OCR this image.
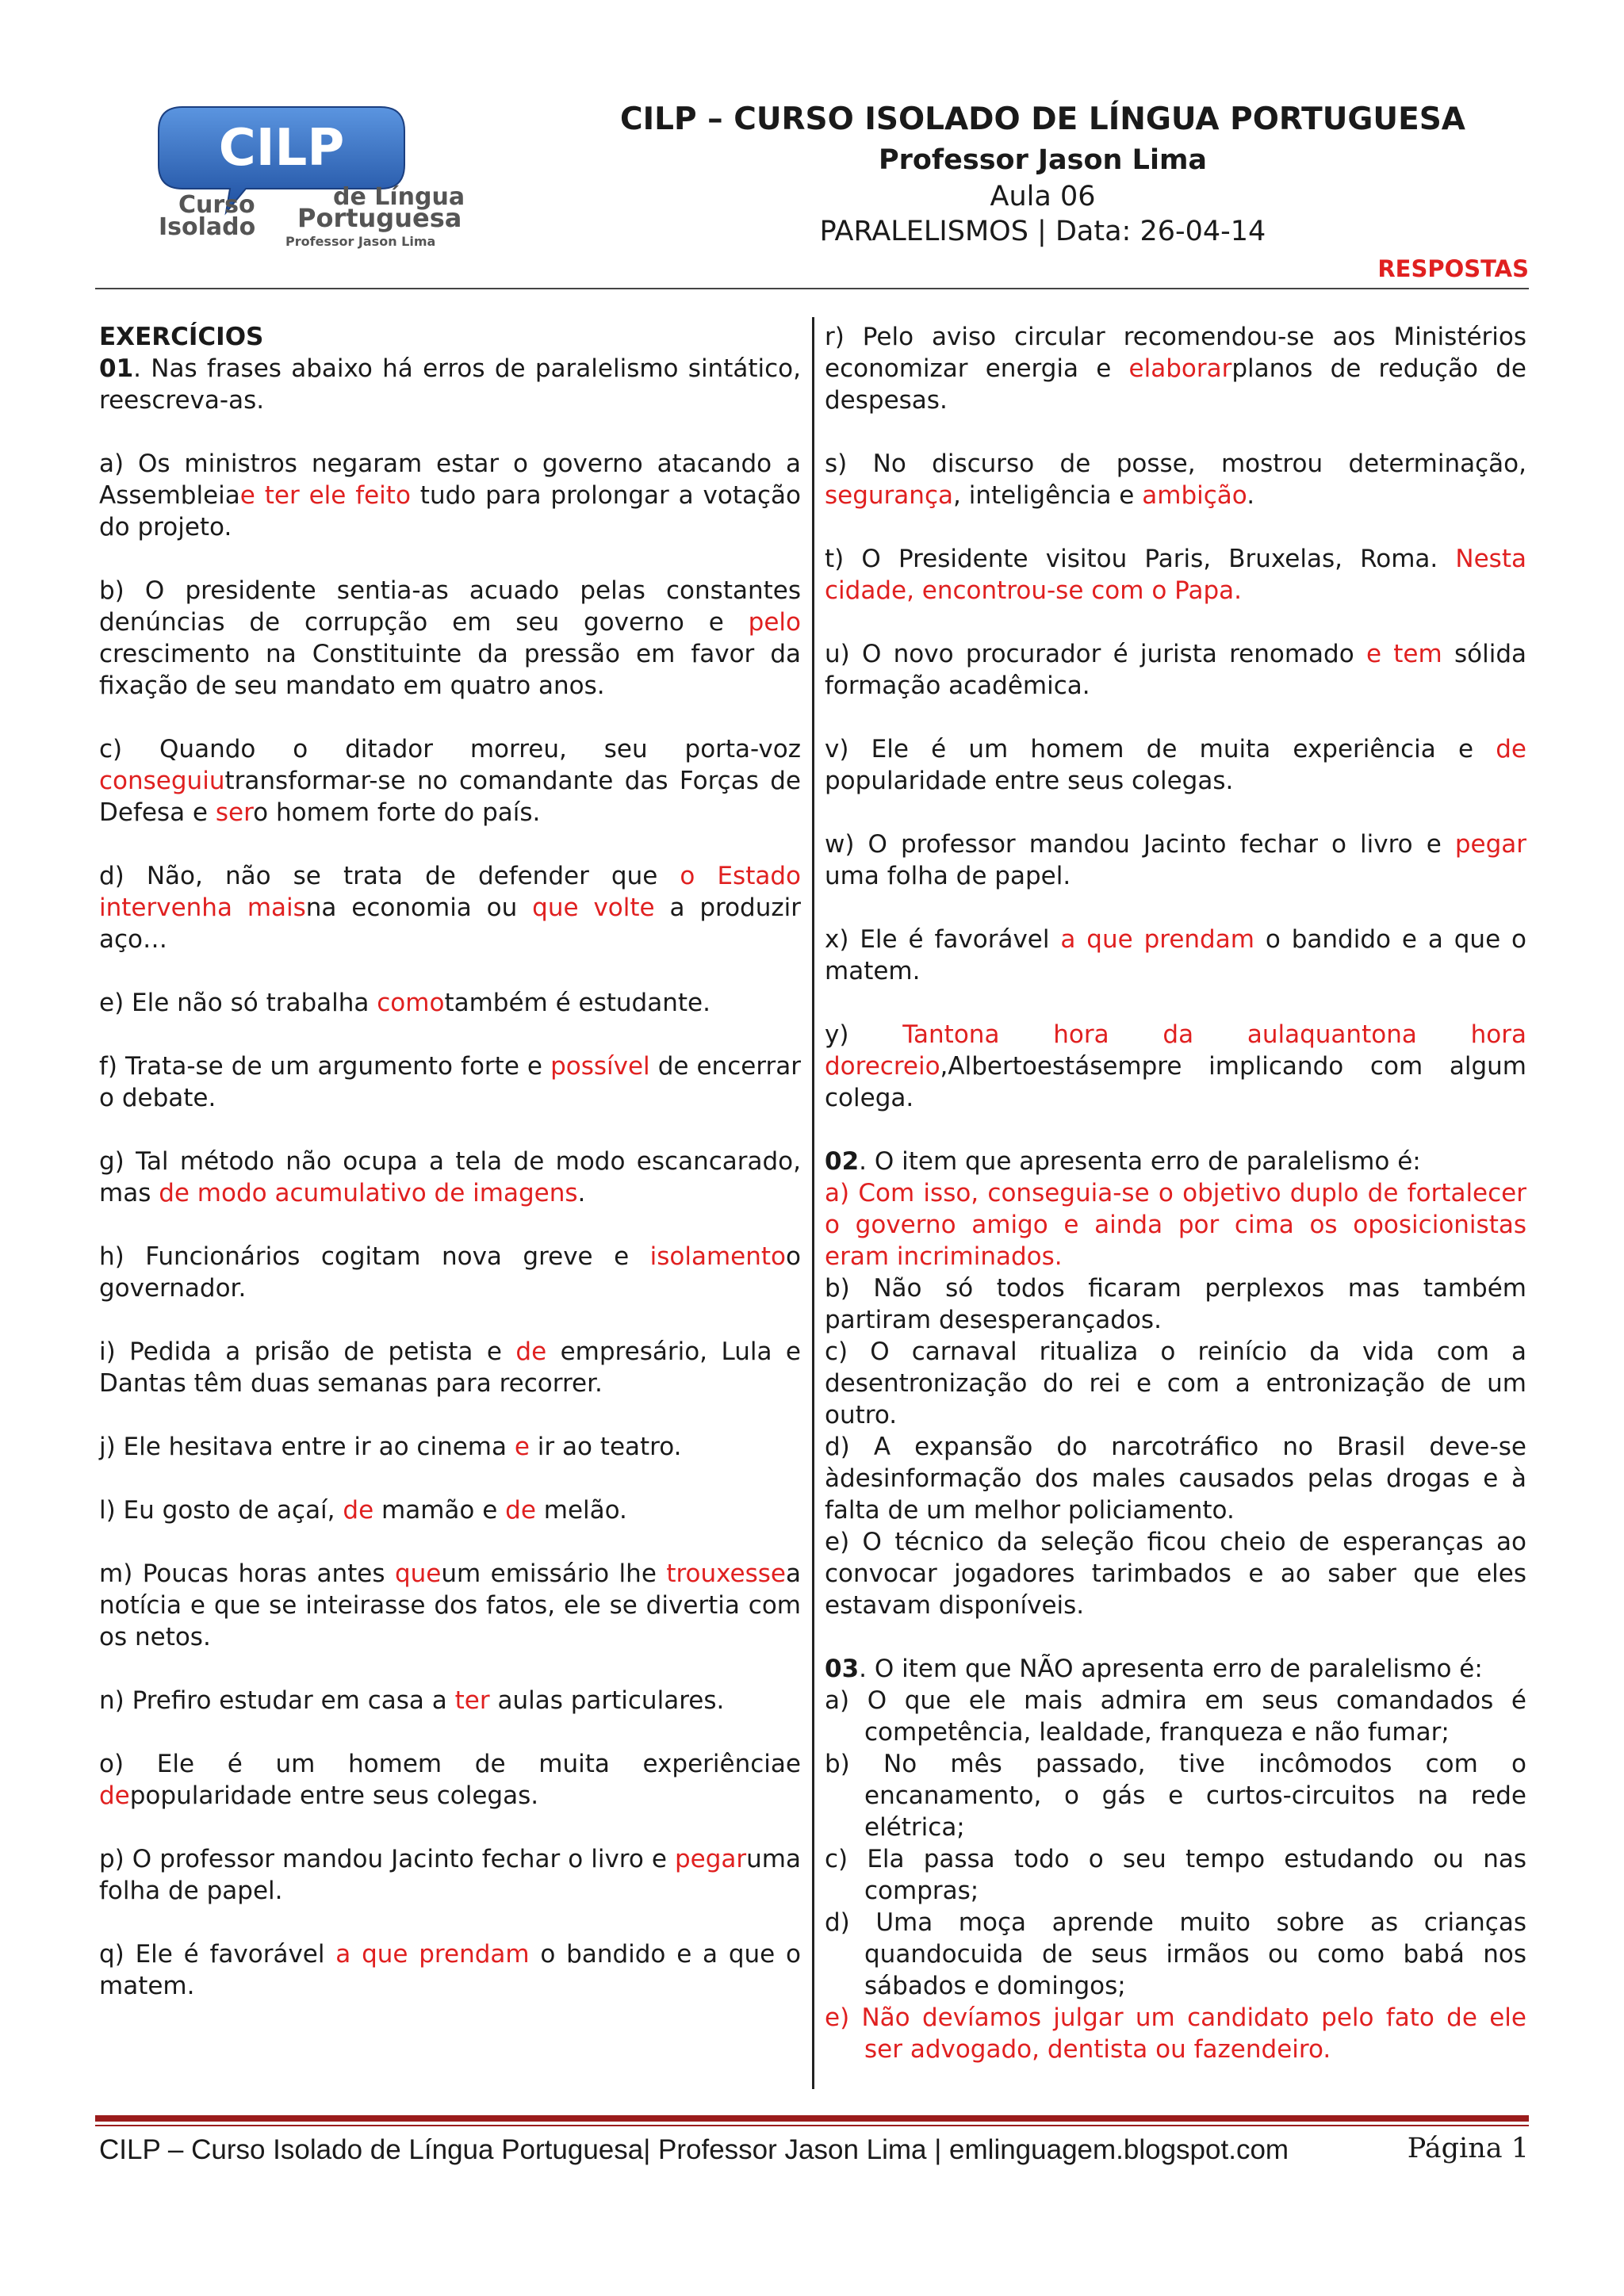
CILP
Curso
Isolado
de Língua
Portuguesa
Professor Jason Lima
CILP – CURSO ISOLADO DE LÍNGUA PORTUGUESA
Professor Jason Lima
Aula 06
PARALELISMOS | Data: 26-04-14
RESPOSTAS
EXERCÍCIOS

01. Nas frases abaixo há erros de paralelismo sintático, reescreva-as.

a) Os ministros negaram estar o governo atacando a Assembleiae ter ele feito tudo para prolongar a votação do projeto.

b) O presidente sentia-as acuado pelas constantes denúncias de corrupção em seu governo e pelo crescimento na Constituinte da pressão em favor da fixação de seu mandato em quatro anos.

c) Quando o ditador morreu, seu porta-voz conseguiutransformar-se no comandante das Forças de Defesa e sero homem forte do país.

d) Não, não se trata de defender que o Estado intervenha maisna economia ou que volte a produzir aço…

e) Ele não só trabalha comotambém é estudante.

f) Trata-se de um argumento forte e possível de encerrar o debate.

g) Tal método não ocupa a tela de modo escancarado, mas de modo acumulativo de imagens.

h) Funcionários cogitam nova greve e isolamentoo governador.

i) Pedida a prisão de petista e de empresário, Lula e Dantas têm duas semanas para recorrer.

j) Ele hesitava entre ir ao cinema e ir ao teatro.

l) Eu gosto de açaí, de mamão e de melão.

m) Poucas horas antes queum emissário lhe trouxessea notícia e que se inteirasse dos fatos, ele se divertia com os netos.

n) Prefiro estudar em casa a ter aulas particulares.

o) Ele é um homem de muita experiênciae depopularidade entre seus colegas.

p) O professor mandou Jacinto fechar o livro e pegaruma folha de papel.

q) Ele é favorável a que prendam o bandido e a que o matem.

r) Pelo aviso circular recomendou-se aos Ministérios economizar energia e elaborarplanos de redução de despesas.

s) No discurso de posse, mostrou determinação, segurança, inteligência e ambição.

t) O Presidente visitou Paris, Bruxelas, Roma. Nesta cidade, encontrou-se com o Papa.

u) O novo procurador é jurista renomado e tem sólida formação acadêmica.

v) Ele é um homem de muita experiência e de popularidade entre seus colegas.

w) O professor mandou Jacinto fechar o livro e pegar uma folha de papel.

x) Ele é favorável a que prendam o bandido e a que o matem.

y) Tantona hora da aulaquantona hora dorecreio,Albertoestásempre implicando com algum colega.

02. O item que apresenta erro de paralelismo é:

a) Com isso, conseguia-se o objetivo duplo de fortalecer o governo amigo e ainda por cima os oposicionistas eram incriminados.

b) Não só todos ficaram perplexos mas também partiram desesperançados.

c) O carnaval ritualiza o reinício da vida com a desentronização do rei e com a entronização de um outro.

d) A expansão do narcotráfico no Brasil deve-se àdesinformação dos males causados pelas drogas e à falta de um melhor policiamento.

e) O técnico da seleção ficou cheio de esperanças ao convocar jogadores tarimbados e ao saber que eles estavam disponíveis.

03. O item que NÃO apresenta erro de paralelismo é:

a) O que ele mais admira em seus comandados é competência, lealdade, franqueza e não fumar;

b) No mês passado, tive incômodos com o encanamento, o gás e curtos-circuitos na rede elétrica;

c) Ela passa todo o seu tempo estudando ou nas compras;

d) Uma moça aprende muito sobre as crianças quandocuida de seus irmãos ou como babá nos sábados e domingos;

e) Não devíamos julgar um candidato pelo fato de ele ser advogado, dentista ou fazendeiro.

CILP – Curso Isolado de Língua Portuguesa| Professor Jason Lima | emlinguagem.blogspot.com	Página 1
